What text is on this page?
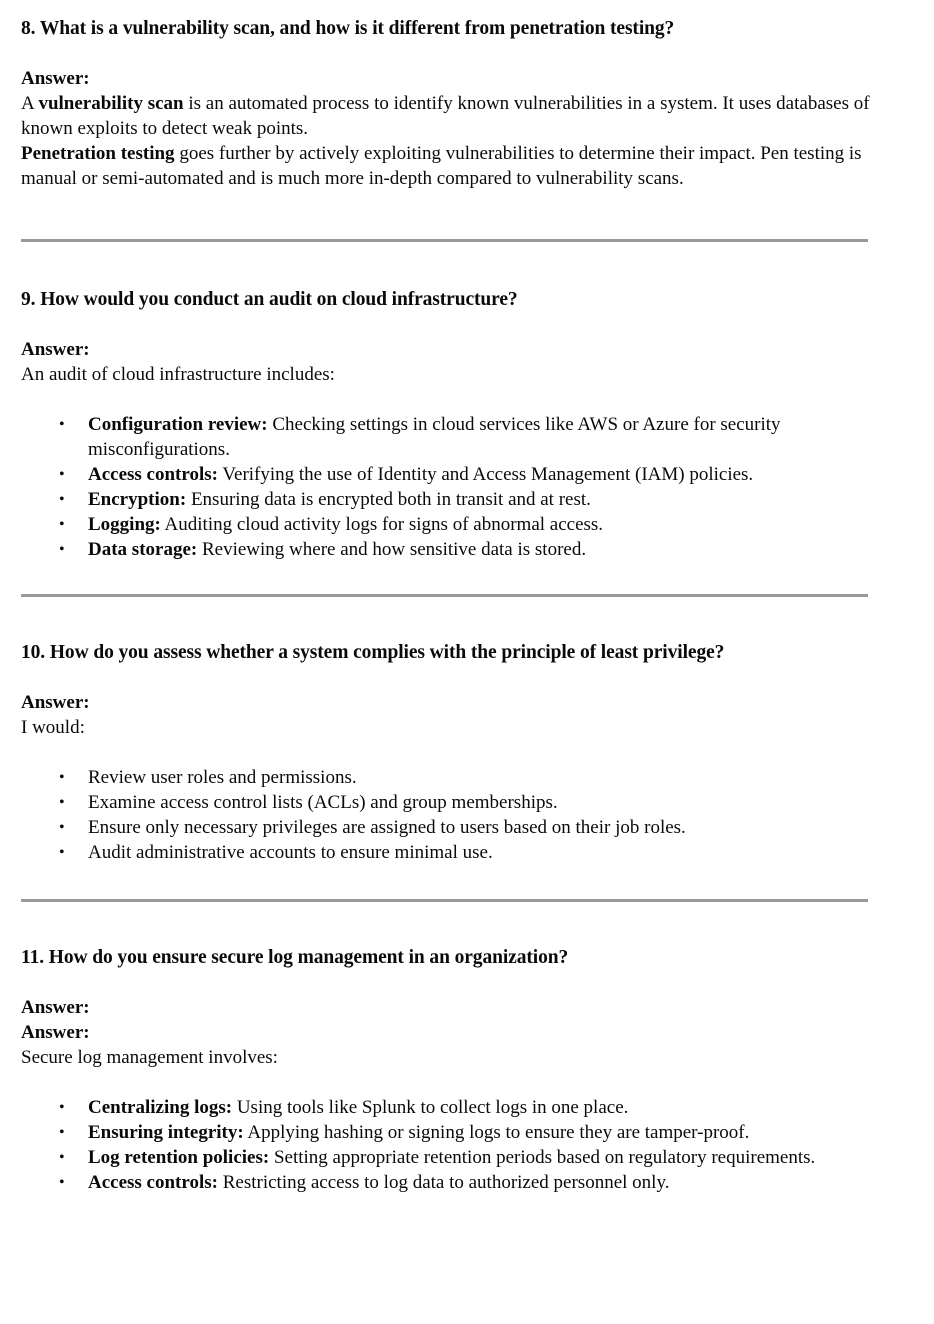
8. What is a vulnerability scan, and how is it different from penetration testing?

Answer:

A vulnerability scan is an automated process to identify known vulnerabilities in a system. It uses databases of known exploits to detect weak points.

Penetration testing goes further by actively exploiting vulnerabilities to determine their impact. Pen testing is manual or semi-automated and is much more in-depth compared to vulnerability scans.

9. How would you conduct an audit on cloud infrastructure?

Answer:

An audit of cloud infrastructure includes:

• Configuration review: Checking settings in cloud services like AWS or Azure for security misconfigurations.
• Access controls: Verifying the use of Identity and Access Management (IAM) policies.
• Encryption: Ensuring data is encrypted both in transit and at rest.
• Logging: Auditing cloud activity logs for signs of abnormal access.
• Data storage: Reviewing where and how sensitive data is stored.

10. How do you assess whether a system complies with the principle of least privilege?

Answer:

I would:

• Review user roles and permissions.
• Examine access control lists (ACLs) and group memberships.
• Ensure only necessary privileges are assigned to users based on their job roles.
• Audit administrative accounts to ensure minimal use.

11. How do you ensure secure log management in an organization?

Answer:

Answer:

Secure log management involves:

• Centralizing logs: Using tools like Splunk to collect logs in one place.
• Ensuring integrity: Applying hashing or signing logs to ensure they are tamper-proof.
• Log retention policies: Setting appropriate retention periods based on regulatory requirements.
• Access controls: Restricting access to log data to authorized personnel only.
